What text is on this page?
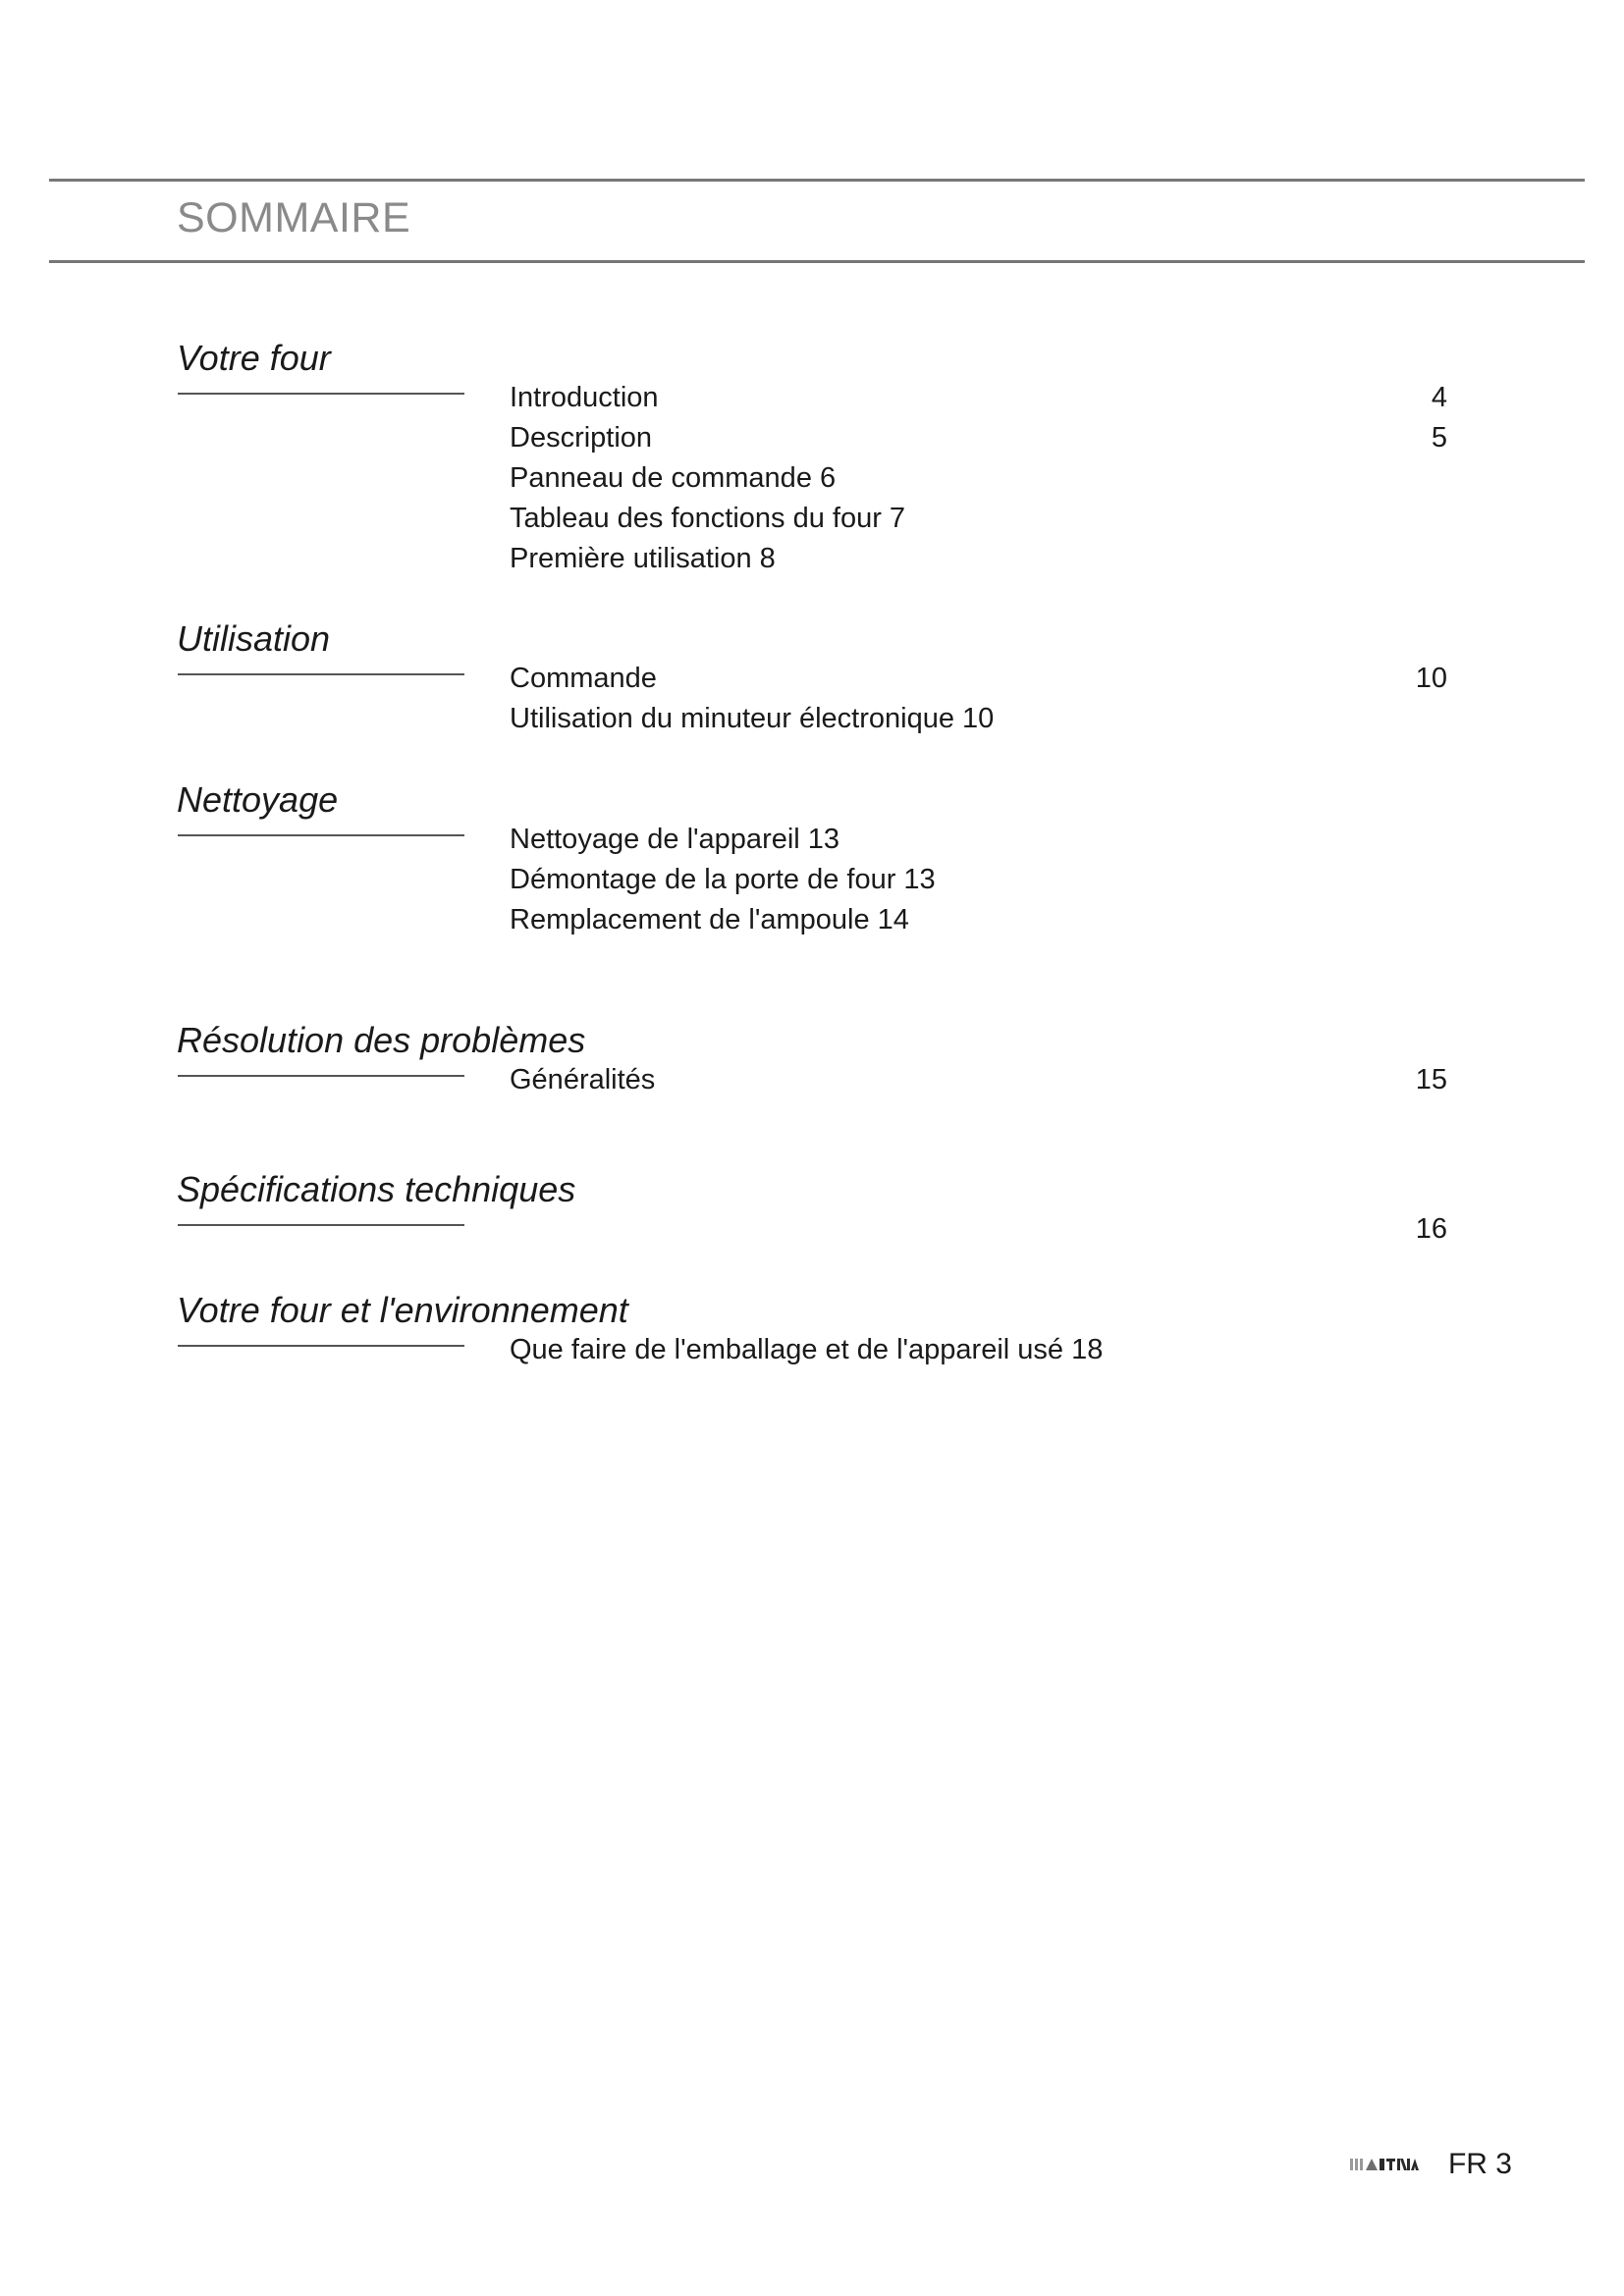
SOMMAIRE
Votre four
Introduction	4
Description	5
Panneau de commande 6
Tableau des fonctions du four 7
Première utilisation 8
Utilisation
Commande	10
Utilisation du minuteur électronique 10
Nettoyage
Nettoyage de l'appareil 13
Démontage de la porte de four 13
Remplacement de l'ampoule 14
Résolution des problèmes
Généralités	15
Spécifications techniques
16
Votre four et l'environnement
Que faire de l'emballage et de l'appareil usé 18
FR 3
